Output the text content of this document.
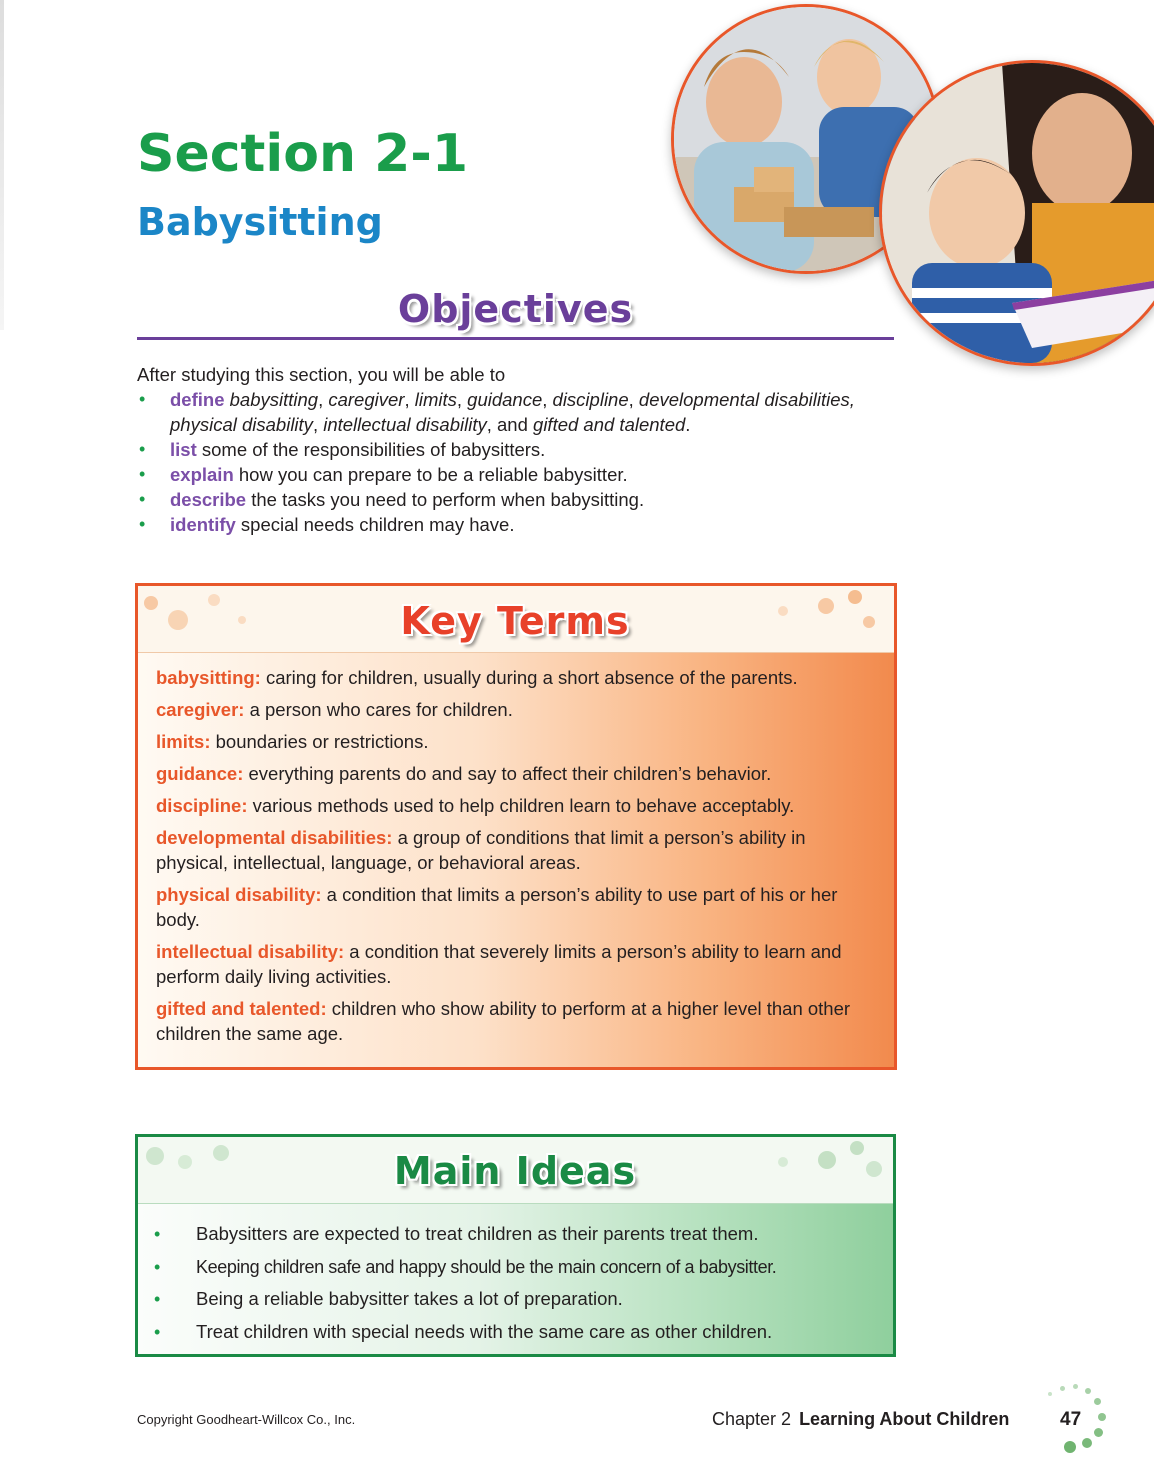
Section 2-1
Babysitting
Objectives
After studying this section, you will be able to
• define babysitting, caregiver, limits, guidance, discipline, developmental disabilities, physical disability, intellectual disability, and gifted and talented.
• list some of the responsibilities of babysitters.
• explain how you can prepare to be a reliable babysitter.
• describe the tasks you need to perform when babysitting.
• identify special needs children may have.
Key Terms
babysitting: caring for children, usually during a short absence of the parents.
caregiver: a person who cares for children.
limits: boundaries or restrictions.
guidance: everything parents do and say to affect their children’s behavior.
discipline: various methods used to help children learn to behave acceptably.
developmental disabilities: a group of conditions that limit a person’s ability in physical, intellectual, language, or behavioral areas.
physical disability: a condition that limits a person’s ability to use part of his or her body.
intellectual disability: a condition that severely limits a person’s ability to learn and perform daily living activities.
gifted and talented: children who show ability to perform at a higher level than other children the same age.
Main Ideas
• Babysitters are expected to treat children as their parents treat them.
• Keeping children safe and happy should be the main concern of a babysitter.
• Being a reliable babysitter takes a lot of preparation.
• Treat children with special needs with the same care as other children.
Copyright Goodheart-Willcox Co., Inc.	Chapter 2 Learning About Children	47
